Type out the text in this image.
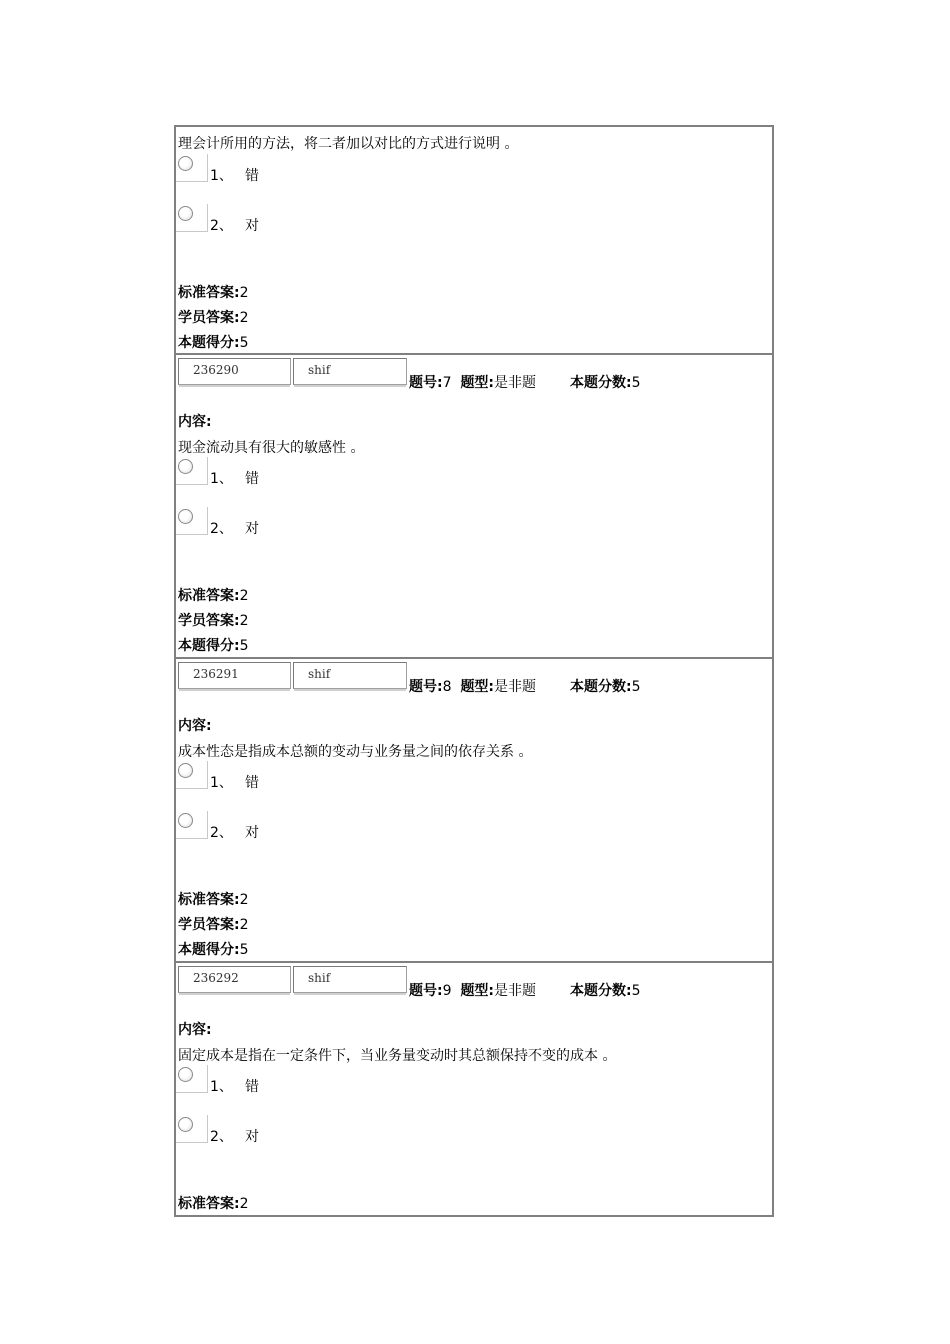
理会计所用的方法，将二者加以对比的方式进行说明 。
1、 错
2、 对
标准答案:2
学员答案:2
本题得分:5
236290	shif
题号:7 题型:是非题 本题分数:5
内容:
现金流动具有很大的敏感性 。
1、 错
2、 对
标准答案:2
学员答案:2
本题得分:5
236291	shif
题号:8 题型:是非题 本题分数:5
内容:
成本性态是指成本总额的变动与业务量之间的依存关系 。
1、 错
2、 对
标准答案:2
学员答案:2
本题得分:5
236292	shif
题号:9 题型:是非题 本题分数:5
内容:
固定成本是指在一定条件下，当业务量变动时其总额保持不变的成本 。
1、 错
2、 对
标准答案:2
